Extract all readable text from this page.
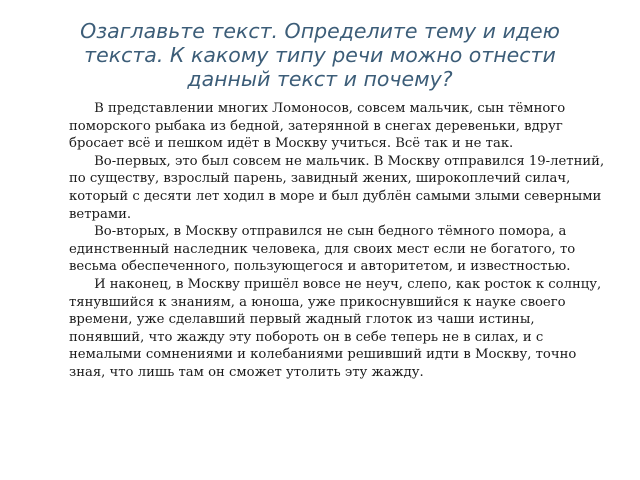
Озаглавьте текст. Определите тему и идею текста. К какому типу речи можно отнести данный текст и почему?

В представлении многих Ломоносов, совсем мальчик, сын тёмного поморского рыбака из бедной, затерянной в снегах деревеньки, вдруг бросает всё и пешком идёт в Москву учиться. Всё так и не так.

Во-первых, это был совсем не мальчик. В Москву отправился 19-летний, по существу, взрослый парень, завидный жених, широкоплечий силач, который с десяти лет ходил в море и был дублён самыми злыми северными ветрами.

Во-вторых, в Москву отправился не сын бедного тёмного помора, а единственный наследник человека, для своих мест если не богатого, то весьма обеспеченного, пользующегося и авторитетом, и известностью.

И наконец, в Москву пришёл вовсе не неуч, слепо, как росток к солнцу, тянувшийся к знаниям, а юноша, уже прикоснувшийся к науке своего времени, уже сделавший первый жадный глоток из чаши истины, понявший, что жажду эту побороть он в себе теперь не в силах, и с немалыми сомнениями и колебаниями решивший идти в Москву, точно зная, что лишь там он сможет утолить эту жажду.
